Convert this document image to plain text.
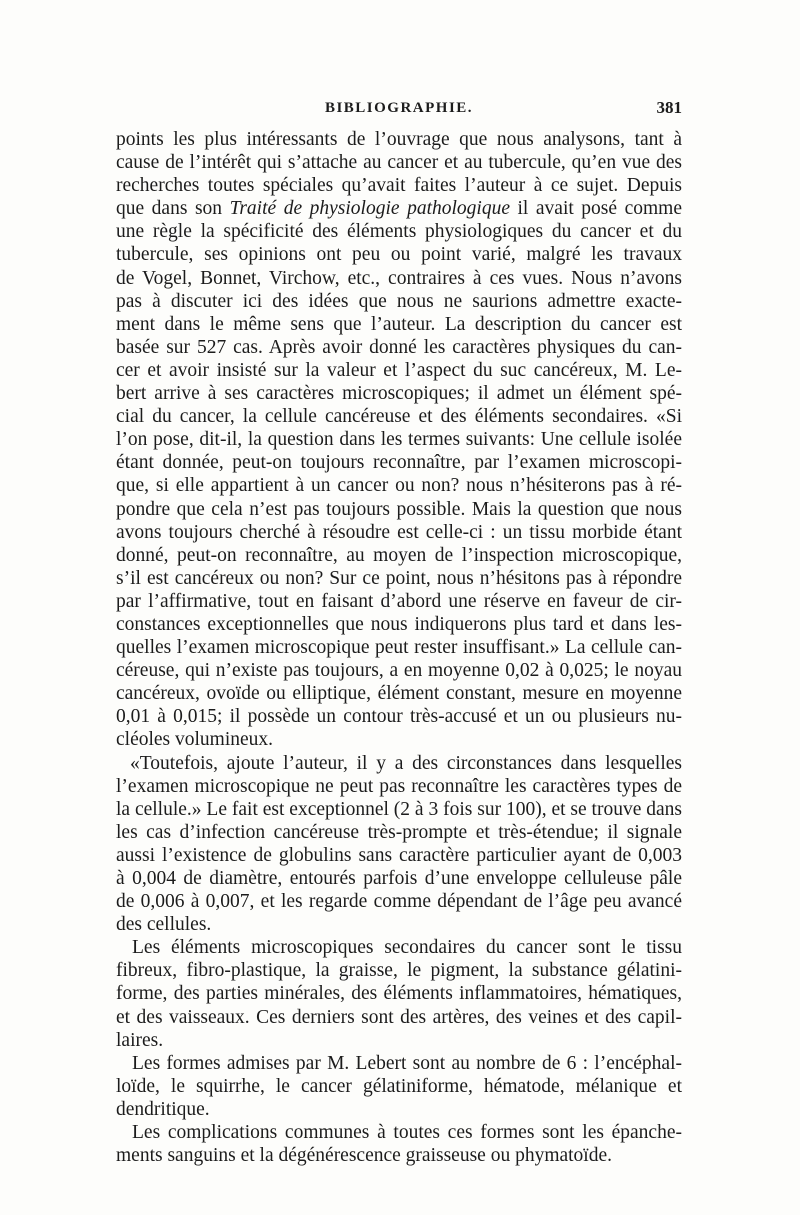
BIBLIOGRAPHIE.	381
points les plus intéressants de l’ouvrage que nous analysons, tant à
cause de l’intérêt qui s’attache au cancer et au tubercule, qu’en vue des
recherches toutes spéciales qu’avait faites l’auteur à ce sujet. Depuis
que dans son Traité de physiologie pathologique il avait posé comme
une règle la spécificité des éléments physiologiques du cancer et du
tubercule, ses opinions ont peu ou point varié, malgré les travaux
de Vogel, Bonnet, Virchow, etc., contraires à ces vues. Nous n’avons
pas à discuter ici des idées que nous ne saurions admettre exacte-
ment dans le même sens que l’auteur. La description du cancer est
basée sur 527 cas. Après avoir donné les caractères physiques du can-
cer et avoir insisté sur la valeur et l’aspect du suc cancéreux, M. Le-
bert arrive à ses caractères microscopiques; il admet un élément spé-
cial du cancer, la cellule cancéreuse et des éléments secondaires. «Si
l’on pose, dit-il, la question dans les termes suivants: Une cellule isolée
étant donnée, peut-on toujours reconnaître, par l’examen microscopi-
que, si elle appartient à un cancer ou non? nous n’hésiterons pas à ré-
pondre que cela n’est pas toujours possible. Mais la question que nous
avons toujours cherché à résoudre est celle-ci : un tissu morbide étant
donné, peut-on reconnaître, au moyen de l’inspection microscopique,
s’il est cancéreux ou non? Sur ce point, nous n’hésitons pas à répondre
par l’affirmative, tout en faisant d’abord une réserve en faveur de cir-
constances exceptionnelles que nous indiquerons plus tard et dans les-
quelles l’examen microscopique peut rester insuffisant.» La cellule can-
céreuse, qui n’existe pas toujours, a en moyenne 0,02 à 0,025; le noyau
cancéreux, ovoïde ou elliptique, élément constant, mesure en moyenne
0,01 à 0,015; il possède un contour très-accusé et un ou plusieurs nu-
cléoles volumineux.
«Toutefois, ajoute l’auteur, il y a des circonstances dans lesquelles
l’examen microscopique ne peut pas reconnaître les caractères types de
la cellule.» Le fait est exceptionnel (2 à 3 fois sur 100), et se trouve dans
les cas d’infection cancéreuse très-prompte et très-étendue; il signale
aussi l’existence de globulins sans caractère particulier ayant de 0,003
à 0,004 de diamètre, entourés parfois d’une enveloppe celluleuse pâle
de 0,006 à 0,007, et les regarde comme dépendant de l’âge peu avancé
des cellules.
Les éléments microscopiques secondaires du cancer sont le tissu
fibreux, fibro-plastique, la graisse, le pigment, la substance gélatini-
forme, des parties minérales, des éléments inflammatoires, hématiques,
et des vaisseaux. Ces derniers sont des artères, des veines et des capil-
laires.
Les formes admises par M. Lebert sont au nombre de 6 : l’encéphal-
loïde, le squirrhe, le cancer gélatiniforme, hématode, mélanique et
dendritique.
Les complications communes à toutes ces formes sont les épanche-
ments sanguins et la dégénérescence graisseuse ou phymatoïde.
